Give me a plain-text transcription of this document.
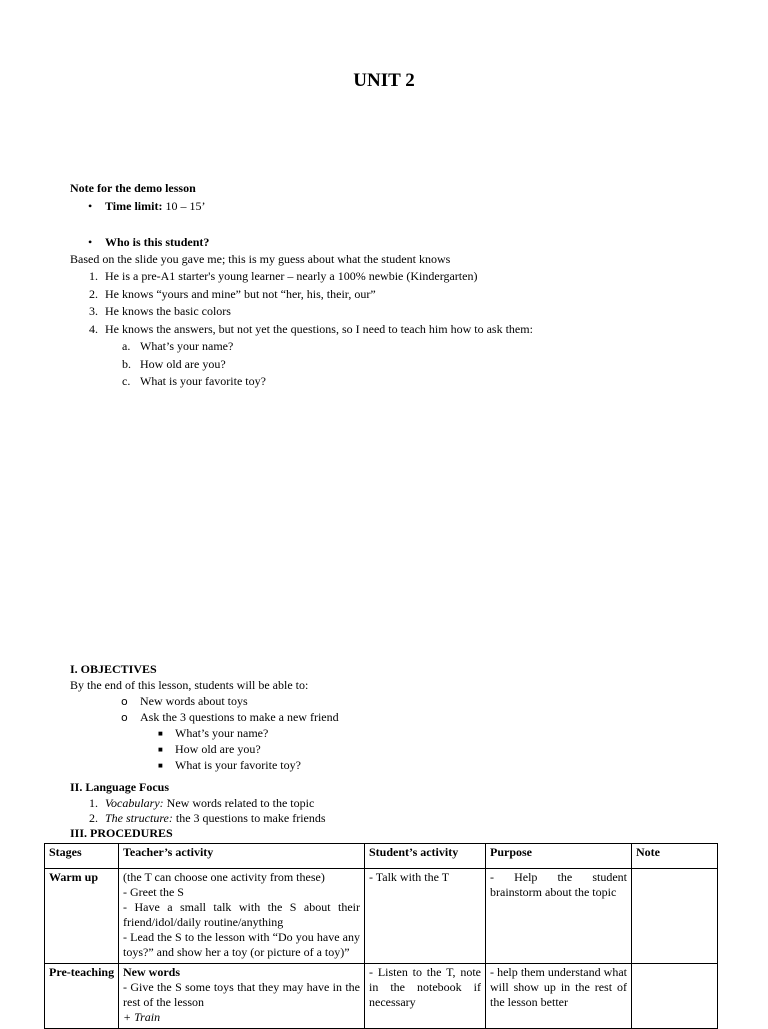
UNIT 2
Note for the demo lesson
• Time limit: 10 – 15’
• Who is this student?
Based on the slide you gave me; this is my guess about what the student knows
1. He is a pre-A1 starter's young learner – nearly a 100% newbie (Kindergarten)
2. He knows “yours and mine” but not “her, his, their, our”
3. He knows the basic colors
4. He knows the answers, but not yet the questions, so I need to teach him how to ask them:
a. What’s your name?
b. How old are you?
c. What is your favorite toy?
I. OBJECTIVES
By the end of this lesson, students will be able to:
o New words about toys
o Ask the 3 questions to make a new friend
■ What’s your name?
■ How old are you?
■ What is your favorite toy?
II. Language Focus
1. Vocabulary: New words related to the topic
2. The structure: the 3 questions to make friends
III. PROCEDURES
Stages	Teacher’s activity	Student’s activity	Purpose	Note
Warm up	(the T can choose one activity from these)
- Greet the S
- Have a small talk with the S about their friend/idol/daily routine/anything
- Lead the S to the lesson with “Do you have any toys?” and show her a toy (or picture of a toy)”	- Talk with the T	- Help the student brainstorm about the topic	
Pre-teaching	New words
- Give the S some toys that they may have in the rest of the lesson
+ Train	- Listen to the T, note in the notebook if necessary	- help them understand what will show up in the rest of the lesson better	
